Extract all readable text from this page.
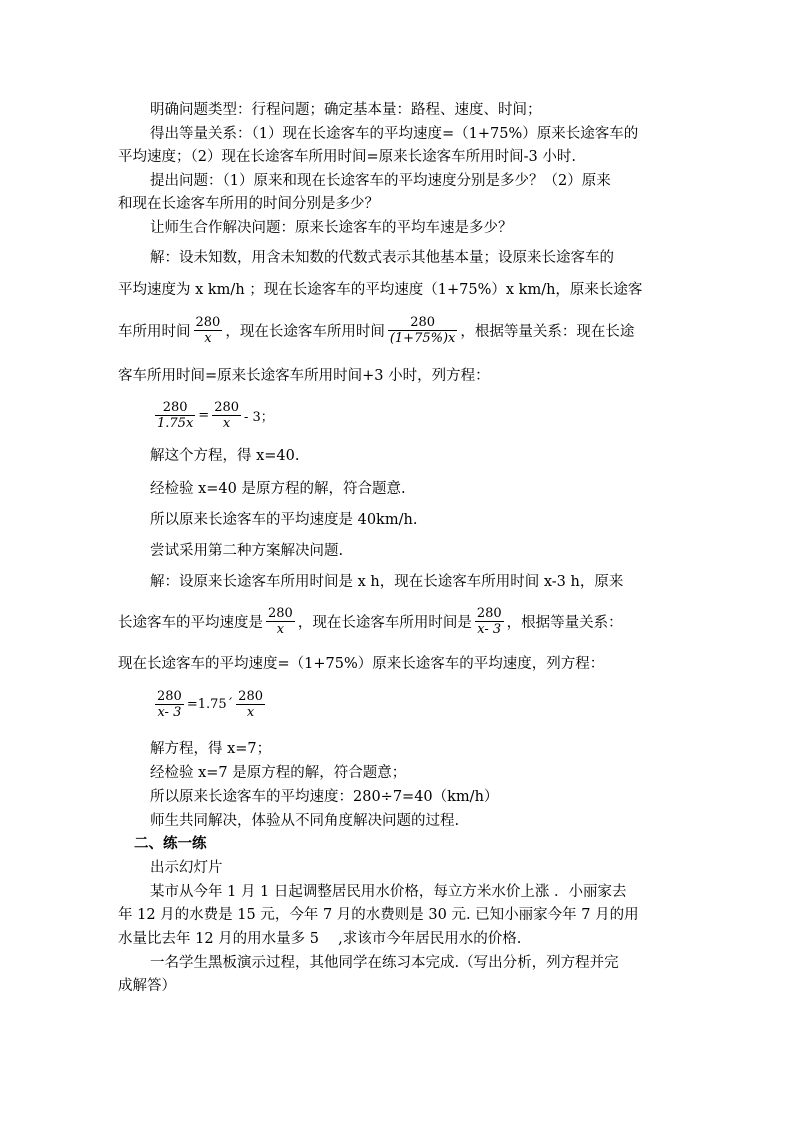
明确问题类型：行程问题；确定基本量：路程、速度、时间；
得出等量关系：（1）现在长途客车的平均速度=（1+75%）原来长途客车的
平均速度；（2）现在长途客车所用时间=原来长途客车所用时间-3 小时.
提出问题：（1）原来和现在长途客车的平均速度分别是多少？（2）原来
和现在长途客车所用的时间分别是多少？
让师生合作解决问题：原来长途客车的平均车速是多少？
解：设未知数，用含未知数的代数式表示其他基本量；设原来长途客车的
平均速度为 x km/h ；现在长途客车的平均速度（1+75%）x km/h，原来长途客
车所用时间 $\frac{280}{x}$ ，现在长途客车所用时间 $\frac{280}{(1+75\%)x}$ ，根据等量关系：现在长途
客车所用时间=原来长途客车所用时间+3 小时，列方程：
$\frac{280}{1.75x} = \frac{280}{x} - 3$；
解这个方程，得 x=40.
经检验 x=40 是原方程的解，符合题意.
所以原来长途客车的平均速度是 40km/h.
尝试采用第二种方案解决问题.
解：设原来长途客车所用时间是 x h，现在长途客车所用时间 x-3 h，原来
长途客车的平均速度是 $\frac{280}{x}$ ，现在长途客车所用时间是 $\frac{280}{x- 3}$ ，根据等量关系：
现在长途客车的平均速度=（1+75%）原来长途客车的平均速度，列方程：
$\frac{280}{x- 3}$ =1.75´ $\frac{280}{x}$
解方程，得 x=7；
经检验 x=7 是原方程的解，符合题意；
所以原来长途客车的平均速度：280÷7=40（km/h）
师生共同解决，体验从不同角度解决问题的过程.
二、练一练
出示幻灯片
某市从今年 1 月 1 日起调整居民用水价格，每立方米水价上涨 ．小丽家去
年 12 月的水费是 15 元，今年 7 月的水费则是 30 元. 已知小丽家今年 7 月的用
水量比去年 12 月的用水量多 5　 ,求该市今年居民用水的价格.
一名学生黑板演示过程，其他同学在练习本完成.（写出分析，列方程并完
成解答）
